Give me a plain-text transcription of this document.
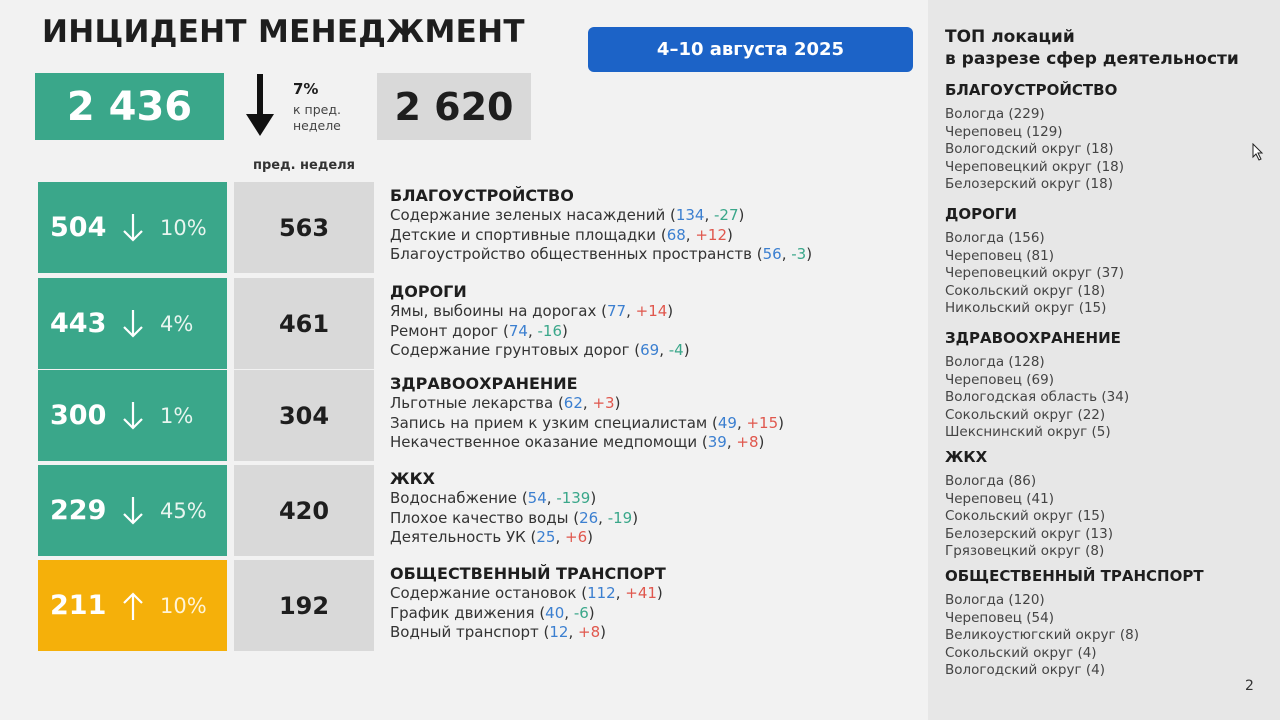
ИНЦИДЕНТ МЕНЕДЖМЕНТ	4–10 августа 2025
2 436	7%
к пред. неделе	2 620
пред. неделя
504	10%	563
БЛАГОУСТРОЙСТВО
Содержание зеленых насаждений (134, -27)
Детские и спортивные площадки (68, +12)
Благоустройство общественных пространств (56, -3)
443	4%	461
ДОРОГИ
Ямы, выбоины на дорогах (77, +14)
Ремонт дорог (74, -16)
Содержание грунтовых дорог (69, -4)
300	1%	304
ЗДРАВООХРАНЕНИЕ
Льготные лекарства (62, +3)
Запись на прием к узким специалистам (49, +15)
Некачественное оказание медпомощи (39, +8)
229	45%	420
ЖКХ
Водоснабжение (54, -139)
Плохое качество воды (26, -19)
Деятельность УК (25, +6)
211	10%	192
ОБЩЕСТВЕННЫЙ ТРАНСПОРТ
Содержание остановок (112, +41)
График движения (40, -6)
Водный транспорт (12, +8)
ТОП локаций
в разрезе сфер деятельности
БЛАГОУСТРОЙСТВО
Вологда (229)
Череповец (129)
Вологодский округ (18)
Череповецкий округ (18)
Белозерский округ (18)
ДОРОГИ
Вологда (156)
Череповец (81)
Череповецкий округ (37)
Сокольский округ (18)
Никольский округ (15)
ЗДРАВООХРАНЕНИЕ
Вологда (128)
Череповец (69)
Вологодская область (34)
Сокольский округ (22)
Шекснинский округ (5)
ЖКХ
Вологда (86)
Череповец (41)
Сокольский округ (15)
Белозерский округ (13)
Грязовецкий округ (8)
ОБЩЕСТВЕННЫЙ ТРАНСПОРТ
Вологда (120)
Череповец (54)
Великоустюгский округ (8)
Сокольский округ (4)
Вологодский округ (4)
2
